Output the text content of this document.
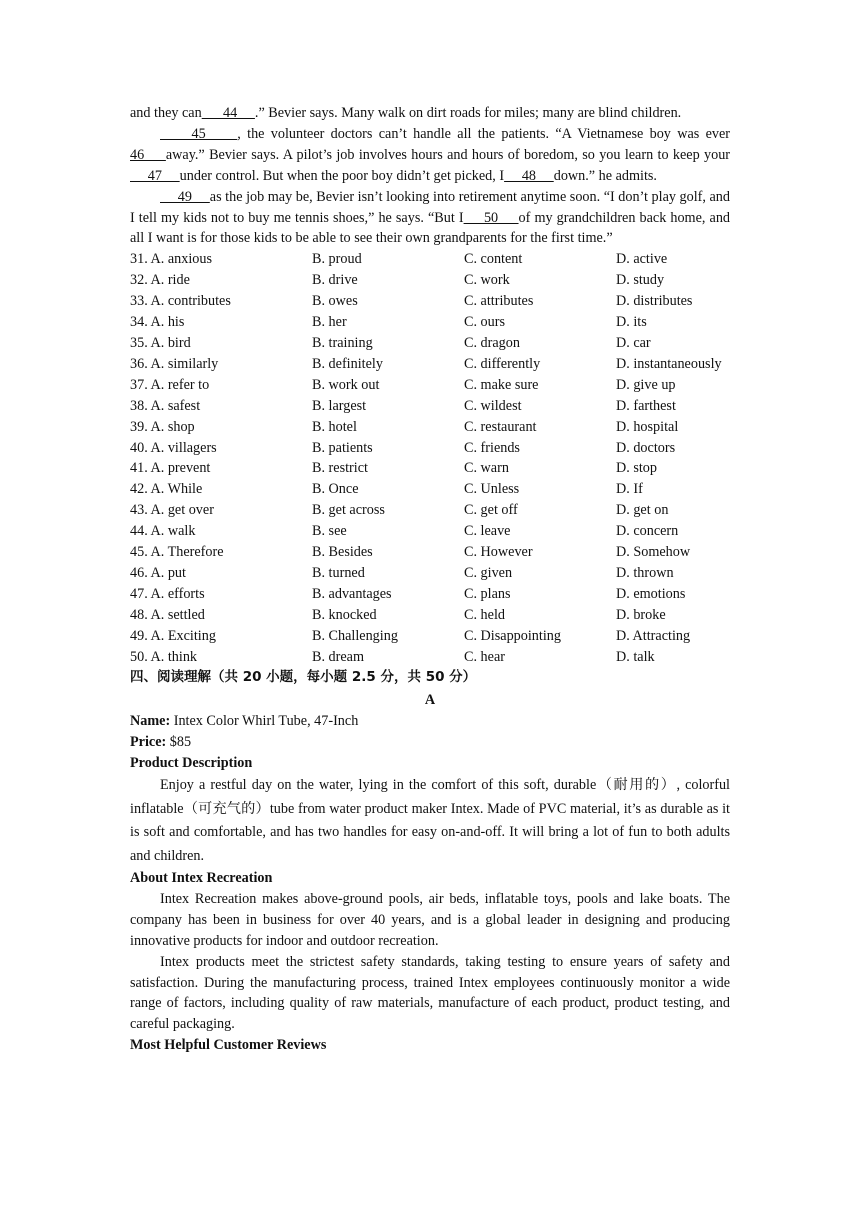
and they can      44     .” Bevier says. Many walk on dirt roads for miles; many are blind children.

45     , the volunteer doctors can’t handle all the patients. “A Vietnamese boy was ever 46     away.” Bevier says. A pilot’s job involves hours and hours of boredom, so you learn to keep your     47     under control. But when the poor boy didn’t get picked, I     48     down.” he admits.

49     as the job may be, Bevier isn’t looking into retirement anytime soon. “I don’t play golf, and I tell my kids not to buy me tennis shoes,” he says. “But I     50     of my grandchildren back home, and all I want is for those kids to be able to see their own grandparents for the first time.”

31. A. anxious	B. proud	C. content	D. active
32. A. ride	B. drive	C. work	D. study
33. A. contributes	B. owes	C. attributes	D. distributes
34. A. his	B. her	C. ours	D. its
35. A. bird	B. training	C. dragon	D. car
36. A. similarly	B. definitely	C. differently	D. instantaneously
37. A. refer to	B. work out	C. make sure	D. give up
38. A. safest	B. largest	C. wildest	D. farthest
39. A. shop	B. hotel	C. restaurant	D. hospital
40. A. villagers	B. patients	C. friends	D. doctors
41. A. prevent	B. restrict	C. warn	D. stop
42. A. While	B. Once	C. Unless	D. If
43. A. get over	B. get across	C. get off	D. get on
44. A. walk	B. see	C. leave	D. concern
45. A. Therefore	B. Besides	C. However	D. Somehow
46. A. put	B. turned	C. given	D. thrown
47. A. efforts	B. advantages	C. plans	D. emotions
48. A. settled	B. knocked	C. held	D. broke
49. A. Exciting	B. Challenging	C. Disappointing	D. Attracting
50. A. think	B. dream	C. hear	D. talk
四、阅读理解（共 20 小题，每小题 2.5 分，共 50 分）
A

Name: Intex Color Whirl Tube, 47-Inch

Price: $85

Product Description

Enjoy a restful day on the water, lying in the comfort of this soft, durable（耐用的）, colorful inflatable（可充气的）tube from water product maker Intex. Made of PVC material, it’s as durable as it is soft and comfortable, and has two handles for easy on-and-off. It will bring a lot of fun to both adults and children.

About Intex Recreation

Intex Recreation makes above-ground pools, air beds, inflatable toys, pools and lake boats. The company has been in business for over 40 years, and is a global leader in designing and producing innovative products for indoor and outdoor recreation.

Intex products meet the strictest safety standards, taking testing to ensure years of safety and satisfaction. During the manufacturing process, trained Intex employees continuously monitor a wide range of factors, including quality of raw materials, manufacture of each product, product testing, and careful packaging.

Most Helpful Customer Reviews
